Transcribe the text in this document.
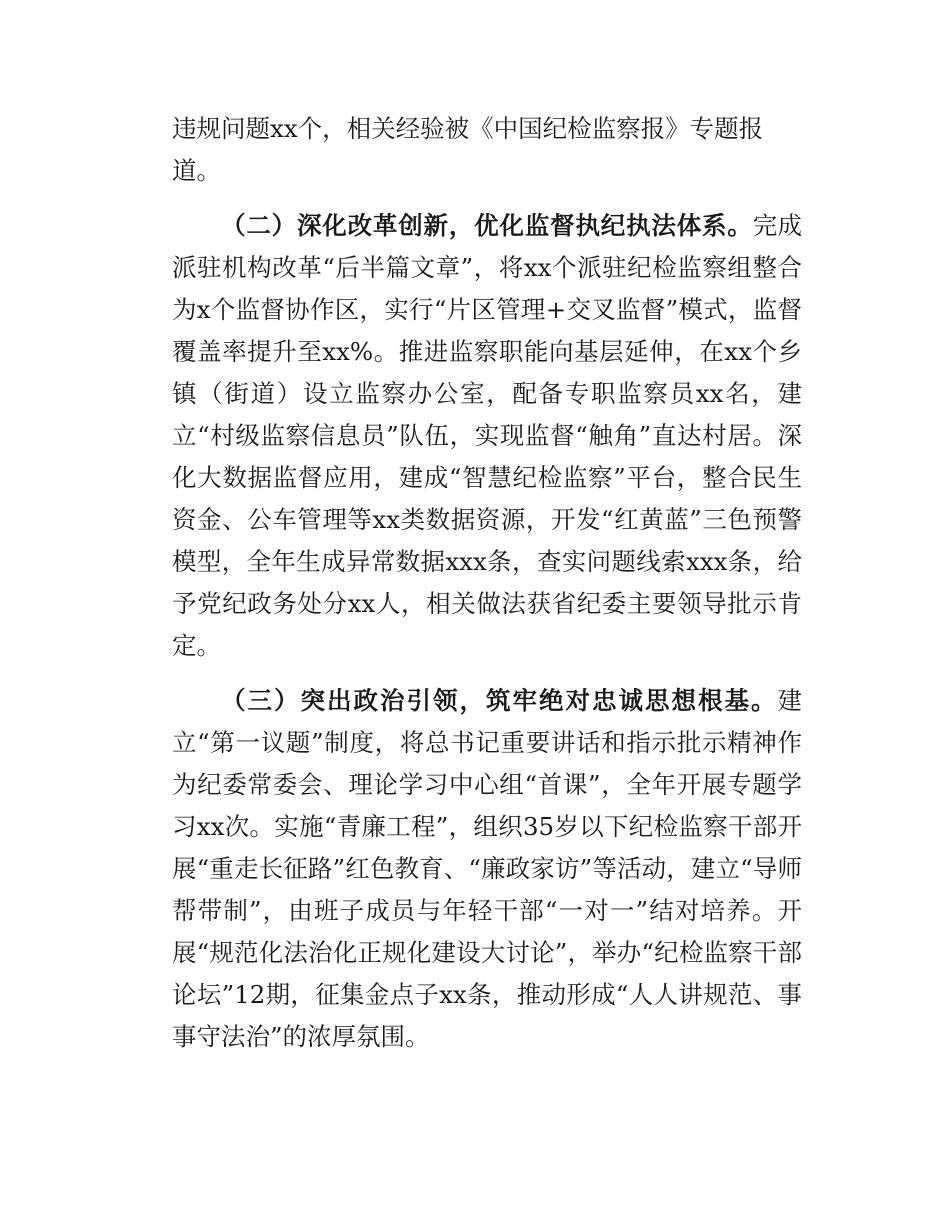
违规问题xx个，相关经验被《中国纪检监察报》专题报
道。

（二）深化改革创新，优化监督执纪执法体系。完成派驻机构改革“后半篇文章”，将xx个派驻纪检监察组整合为x个监督协作区，实行“片区管理+交叉监督”模式，监督覆盖率提升至xx%。推进监察职能向基层延伸，在xx个乡镇（街道）设立监察办公室，配备专职监察员xx名，建立“村级监察信息员”队伍，实现监督“触角”直达村居。深化大数据监督应用，建成“智慧纪检监察”平台，整合民生资金、公车管理等xx类数据资源，开发“红黄蓝”三色预警模型，全年生成异常数据xxx条，查实问题线索xxx条，给予党纪政务处分xx人，相关做法获省纪委主要领导批示肯定。

（三）突出政治引领，筑牢绝对忠诚思想根基。建立“第一议题”制度，将总书记重要讲话和指示批示精神作为纪委常委会、理论学习中心组“首课”，全年开展专题学习xx次。实施“青廉工程”，组织35岁以下纪检监察干部开展“重走长征路”红色教育、“廉政家访”等活动，建立“导师帮带制”，由班子成员与年轻干部“一对一”结对培养。开展“规范化法治化正规化建设大讨论”，举办“纪检监察干部论坛”12期，征集金点子xx条，推动形成“人人讲规范、事事守法治”的浓厚氛围。
